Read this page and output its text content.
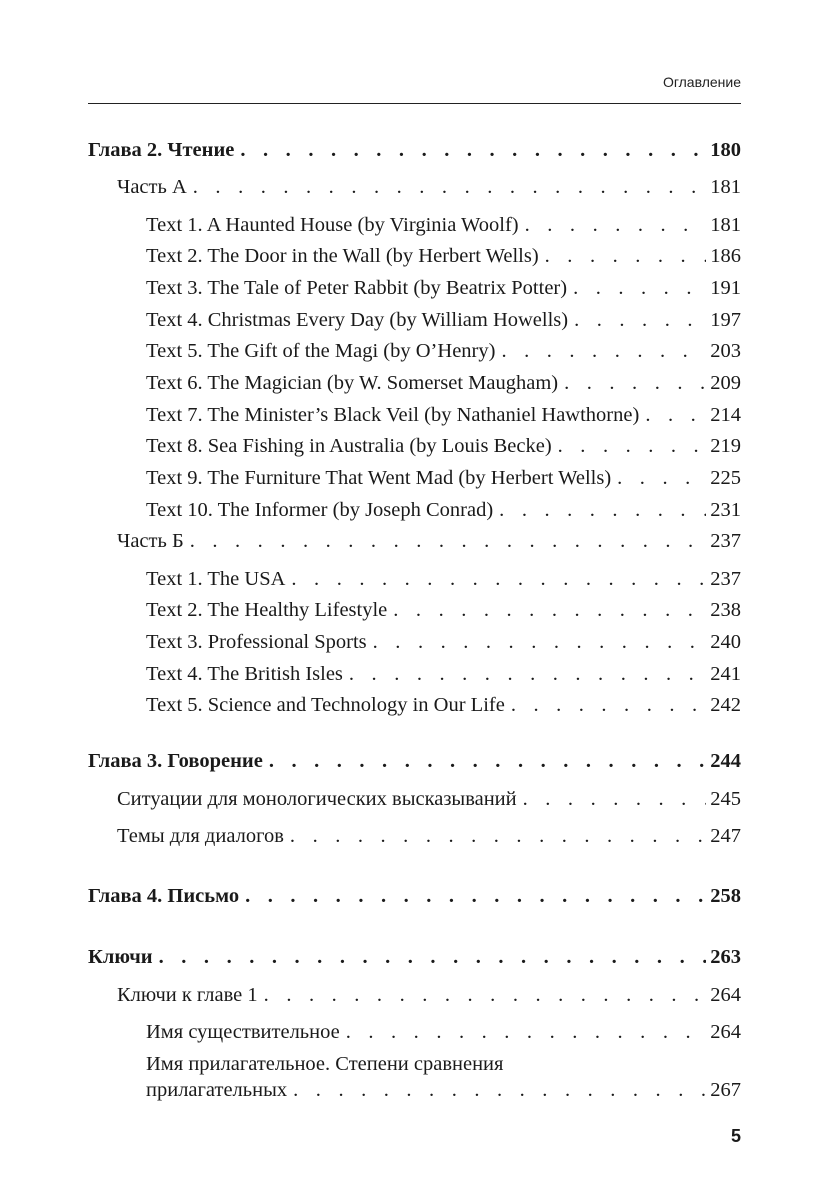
Оглавление
Глава 2. Чтение . . .	180
Часть А . . .	181
Text 1. A Haunted House (by Virginia Woolf) . . .	181
Text 2. The Door in the Wall (by Herbert Wells) . . .	186
Text 3. The Tale of Peter Rabbit (by Beatrix Potter) . . .	191
Text 4. Christmas Every Day (by William Howells) . . .	197
Text 5. The Gift of the Magi (by O’Henry) . . .	203
Text 6. The Magician (by W. Somerset Maugham) . . .	209
Text 7. The Minister’s Black Veil (by Nathaniel Hawthorne) . . .	214
Text 8. Sea Fishing in Australia (by Louis Becke) . . .	219
Text 9. The Furniture That Went Mad (by Herbert Wells) . . .	225
Text 10. The Informer (by Joseph Conrad) . . .	231
Часть Б . . .	237
Text 1. The USA . . .	237
Text 2. The Healthy Lifestyle . . .	238
Text 3. Professional Sports . . .	240
Text 4. The British Isles . . .	241
Text 5. Science and Technology in Our Life . . .	242
Глава 3. Говорение . . .	244
Ситуации для монологических высказываний . . .	245
Темы для диалогов . . .	247
Глава 4. Письмо . . .	258
Ключи . . .	263
Ключи к главе 1 . . .	264
Имя существительное . . .	264
Имя прилагательное. Степени сравнения
прилагательных . . .	267
5
